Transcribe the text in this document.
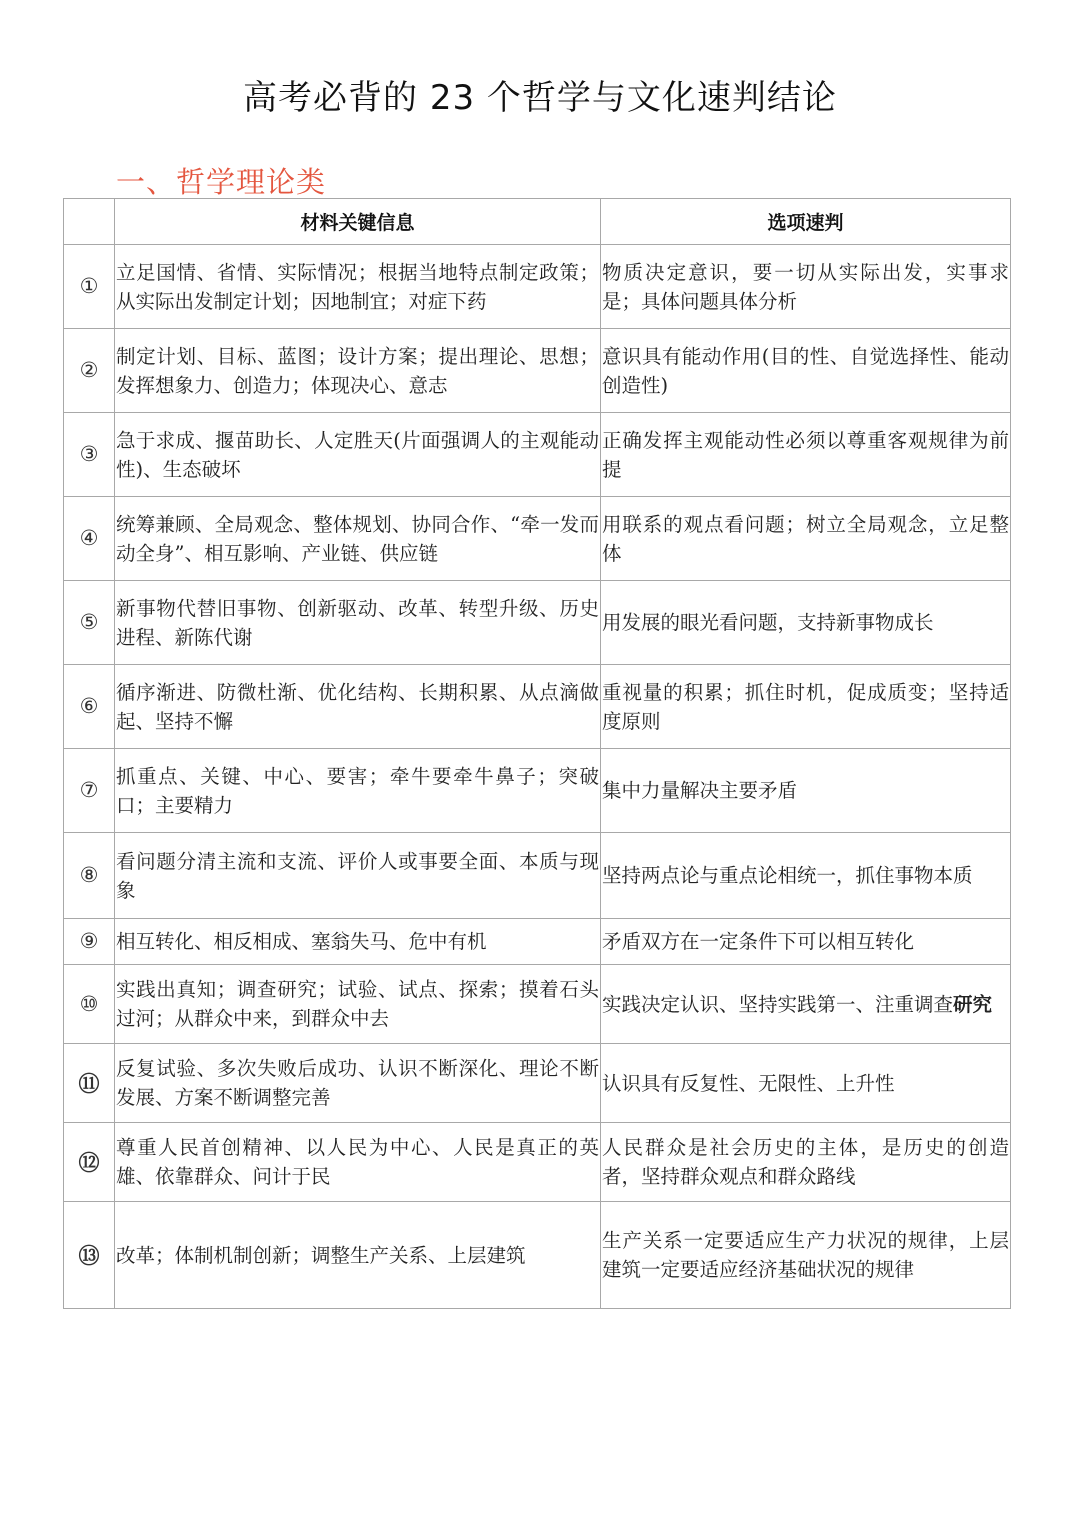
高考必背的 23 个哲学与文化速判结论
一、哲学理论类
	材料关键信息	选项速判
①	立足国情、省情、实际情况；根据当地特点制定政策；从实际出发制定计划；因地制宜；对症下药	物质决定意识，要一切从实际出发，实事求是；具体问题具体分析
②	制定计划、目标、蓝图；设计方案；提出理论、思想；发挥想象力、创造力；体现决心、意志	意识具有能动作用(目的性、自觉选择性、能动创造性)
③	急于求成、揠苗助长、人定胜天(片面强调人的主观能动性)、生态破坏	正确发挥主观能动性必须以尊重客观规律为前提
④	统筹兼顾、全局观念、整体规划、协同合作、“牵一发而动全身”、相互影响、产业链、供应链	用联系的观点看问题；树立全局观念，立足整体
⑤	新事物代替旧事物、创新驱动、改革、转型升级、历史进程、新陈代谢	用发展的眼光看问题，支持新事物成长
⑥	循序渐进、防微杜渐、优化结构、长期积累、从点滴做起、坚持不懈	重视量的积累；抓住时机，促成质变；坚持适度原则
⑦	抓重点、关键、中心、要害；牵牛要牵牛鼻子；突破口；主要精力	集中力量解决主要矛盾
⑧	看问题分清主流和支流、评价人或事要全面、本质与现象	坚持两点论与重点论相统一，抓住事物本质
⑨	相互转化、相反相成、塞翁失马、危中有机	矛盾双方在一定条件下可以相互转化
⑩	实践出真知；调查研究；试验、试点、探索；摸着石头过河；从群众中来，到群众中去	实践决定认识、坚持实践第一、注重调查研究
⑪	反复试验、多次失败后成功、认识不断深化、理论不断发展、方案不断调整完善	认识具有反复性、无限性、上升性
⑫	尊重人民首创精神、以人民为中心、人民是真正的英雄、依靠群众、问计于民	人民群众是社会历史的主体，是历史的创造者，坚持群众观点和群众路线
⑬	改革；体制机制创新；调整生产关系、上层建筑	生产关系一定要适应生产力状况的规律，上层建筑一定要适应经济基础状况的规律
